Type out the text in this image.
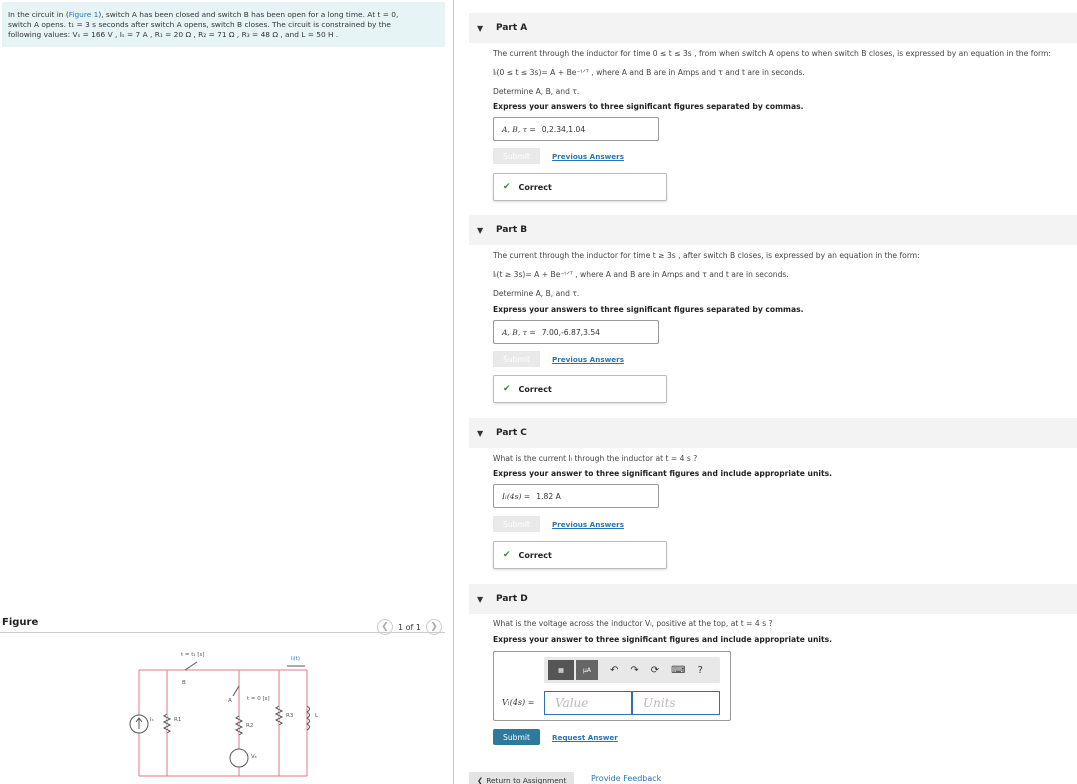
In the circuit in (Figure 1), switch A has been closed and switch B has been open for a long time. At t = 0,
switch A opens. t₁ = 3 s seconds after switch A opens, switch B closes. The circuit is constrained by the
following values: Vₛ = 166 V , Iₛ = 7 A , R₁ = 20 Ω , R₂ = 71 Ω , R₃ = 48 Ω , and L = 50 H .
Figure	❮	1 of 1	❯
t = t₁ [s]
B
A	t = 0 [s]
Iₗ(t)
Iₛ	R1
R2
R3	L
Vₛ
▼ Part A
The current through the inductor for time 0 ≤ t ≤ 3s , from when switch A opens to when switch B closes, is expressed by an equation in the form:
Iₗ(0 ≤ t ≤ 3s)= A + Be⁻ᵗᐟᵀ , where A and B are in Amps and τ and t are in seconds.
Determine A, B, and τ.
Express your answers to three significant figures separated by commas.
A, B, τ = 0,2.34,1.04
Submit	Previous Answers
✔ Correct
▼ Part B
The current through the inductor for time t ≥ 3s , after switch B closes, is expressed by an equation in the form:
Iₗ(t ≥ 3s)= A + Be⁻ᵗᐟᵀ , where A and B are in Amps and τ and t are in seconds.
Determine A, B, and τ.
Express your answers to three significant figures separated by commas.
A, B, τ = 7.00,-6.87,3.54
Submit	Previous Answers
✔ Correct
▼ Part C
What is the current Iₗ through the inductor at t = 4 s ?
Express your answer to three significant figures and include appropriate units.
Iₗ(4s) = 1.82 A
Submit	Previous Answers
✔ Correct
▼ Part D
What is the voltage across the inductor Vₗ, positive at the top, at t = 4 s ?
Express your answer to three significant figures and include appropriate units.
▦	μA	↶ ↷ ⟳ ⌨ ?
Vₗ(4s) =	Value	Units
Submit	Request Answer
❮ Return to Assignment	Provide Feedback
